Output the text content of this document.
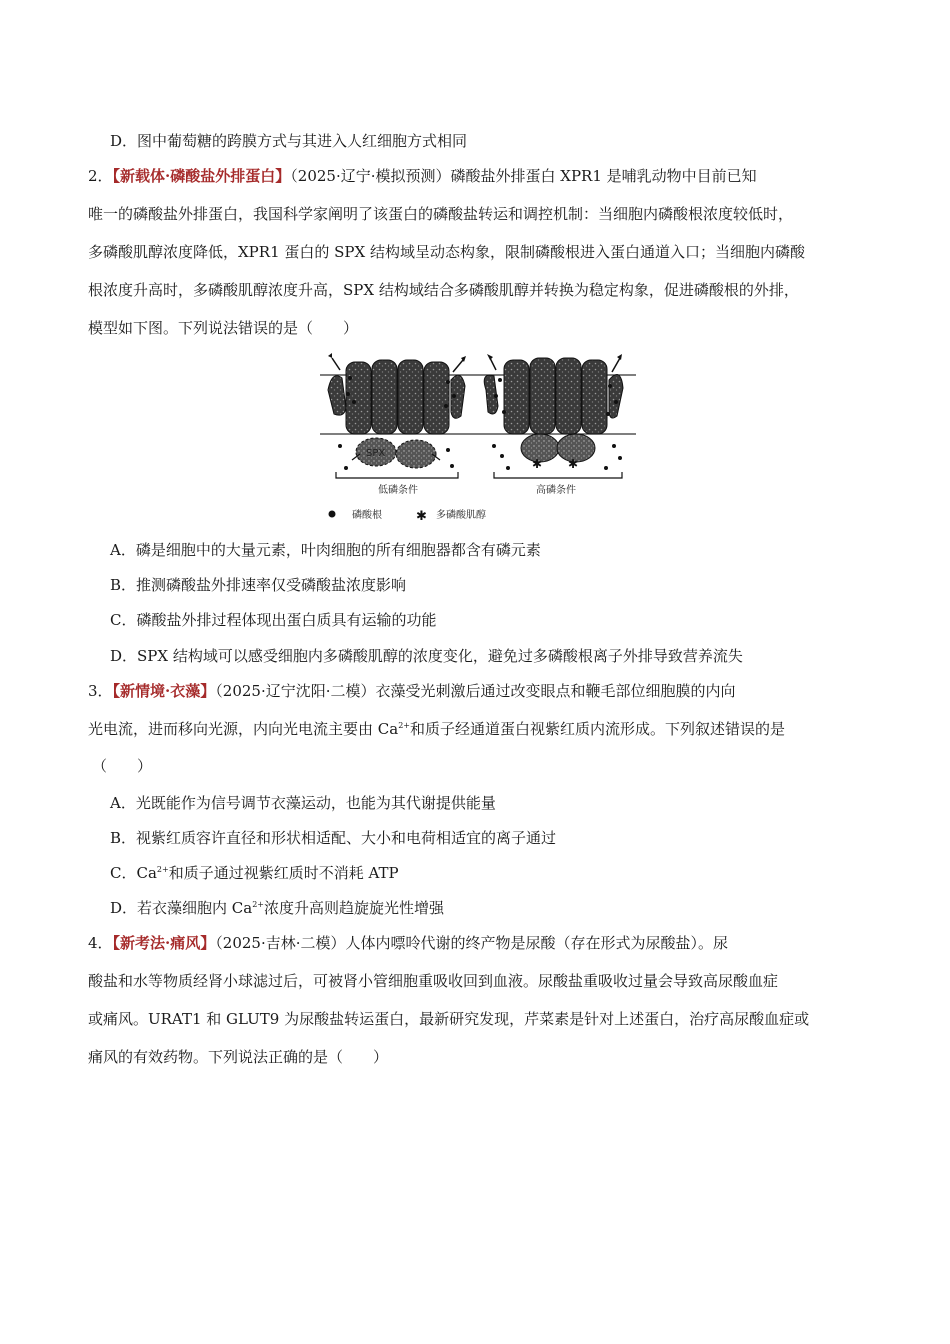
D．图中葡萄糖的跨膜方式与其进入人红细胞方式相同
2．【新载体·磷酸盐外排蛋白】（2025·辽宁·模拟预测）磷酸盐外排蛋白 XPR1 是哺乳动物中目前已知
唯一的磷酸盐外排蛋白，我国科学家阐明了该蛋白的磷酸盐转运和调控机制：当细胞内磷酸根浓度较低时，
多磷酸肌醇浓度降低，XPR1 蛋白的 SPX 结构域呈动态构象，限制磷酸根进入蛋白通道入口；当细胞内磷酸
根浓度升高时，多磷酸肌醇浓度升高，SPX 结构域结合多磷酸肌醇并转换为稳定构象，促进磷酸根的外排，
模型如下图。下列说法错误的是（　　）
SPX
低磷条件
✱ ✱
高磷条件
磷酸根	✱ 多磷酸肌醇
A．磷是细胞中的大量元素，叶肉细胞的所有细胞器都含有磷元素
B．推测磷酸盐外排速率仅受磷酸盐浓度影响
C．磷酸盐外排过程体现出蛋白质具有运输的功能
D．SPX 结构域可以感受细胞内多磷酸肌醇的浓度变化，避免过多磷酸根离子外排导致营养流失
3．【新情境·衣藻】（2025·辽宁沈阳·二模）衣藻受光刺激后通过改变眼点和鞭毛部位细胞膜的内向
光电流，进而移向光源，内向光电流主要由 $Ca^{2+}$和质子经通道蛋白视紫红质内流形成。下列叙述错误的是
（　　）
A．光既能作为信号调节衣藻运动，也能为其代谢提供能量
B．视紫红质容许直径和形状相适配、大小和电荷相适宜的离子通过
C．$Ca^{2+}$和质子通过视紫红质时不消耗 ATP
D．若衣藻细胞内 $Ca^{2+}$浓度升高则趋旋旋光性增强
4．【新考法·痛风】（2025·吉林·二模）人体内嘌呤代谢的终产物是尿酸（存在形式为尿酸盐）。尿
酸盐和水等物质经肾小球滤过后，可被肾小管细胞重吸收回到血液。尿酸盐重吸收过量会导致高尿酸血症
或痛风。URAT1 和 GLUT9 为尿酸盐转运蛋白，最新研究发现，芹菜素是针对上述蛋白，治疗高尿酸血症或
痛风的有效药物。下列说法正确的是（　　）
